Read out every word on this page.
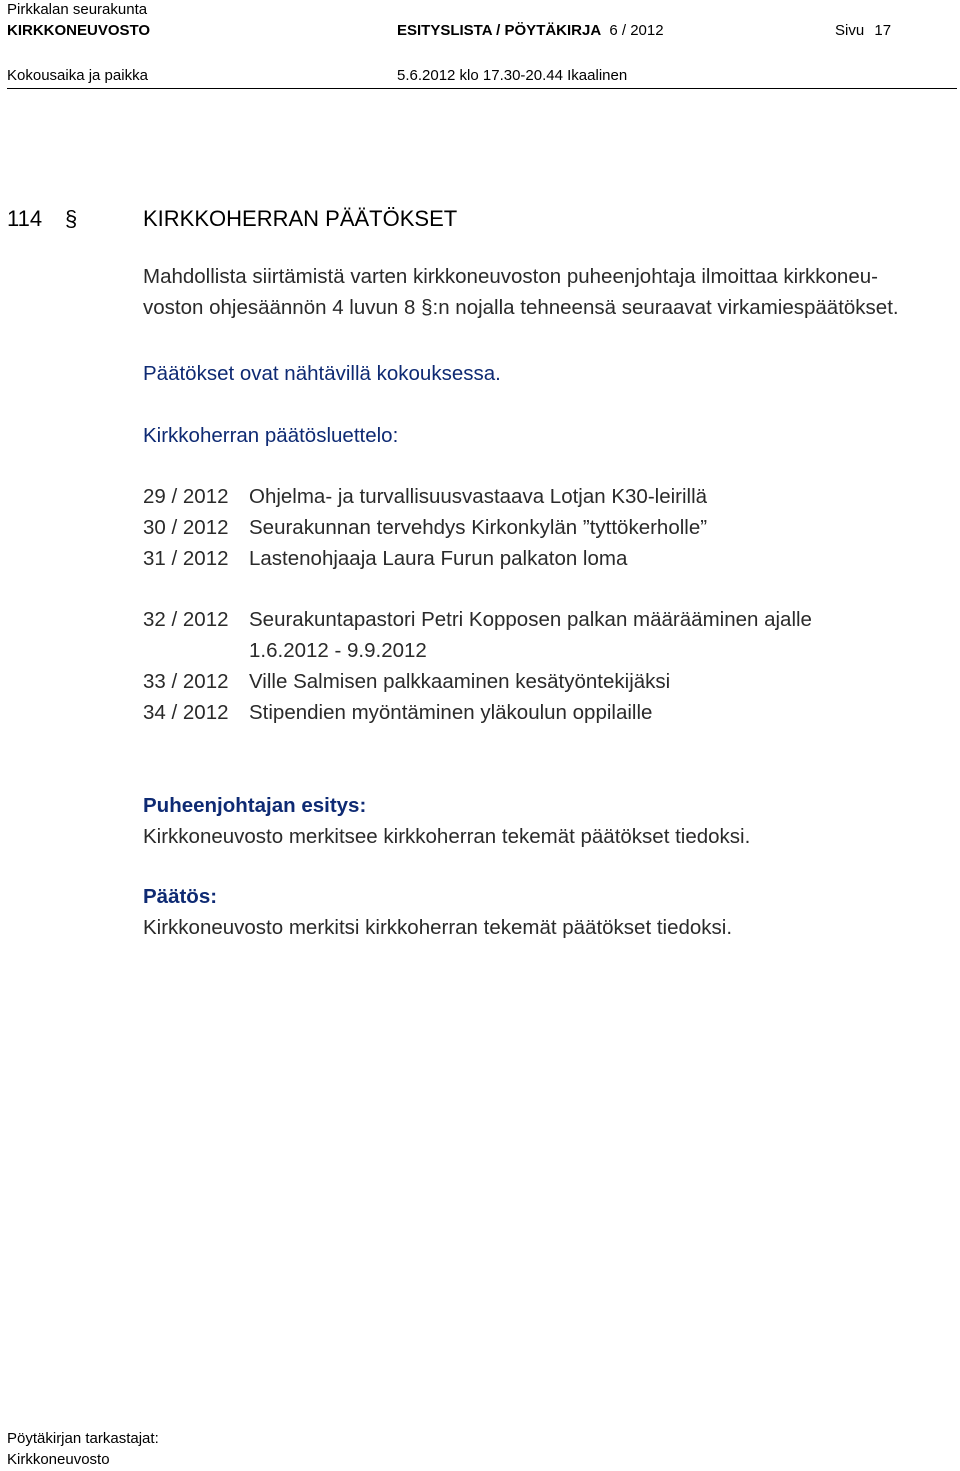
Pirkkalan seurakunta
KIRKKONEUVOSTO	ESITYSLISTA / PÖYTÄKIRJA 6 / 2012	Sivu 17
Kokousaika ja paikka	5.6.2012 klo 17.30-20.44 Ikaalinen
114 §	KIRKKOHERRAN PÄÄTÖKSET
Mahdollista siirtämistä varten kirkkoneuvoston puheenjohtaja ilmoittaa kirkkoneu-
voston ohjesäännön 4 luvun 8 §:n nojalla tehneensä seuraavat virkamiespäätökset.
Päätökset ovat nähtävillä kokouksessa.
Kirkkoherran päätösluettelo:
29 / 2012 Ohjelma- ja turvallisuusvastaava Lotjan K30-leirillä
30 / 2012 Seurakunnan tervehdys Kirkonkylän ”tyttökerholle”
31 / 2012 Lastenohjaaja Laura Furun palkaton loma
32 / 2012 Seurakuntapastori Petri Kopposen palkan määrääminen ajalle
1.6.2012 - 9.9.2012
33 / 2012 Ville Salmisen palkkaaminen kesätyöntekijäksi
34 / 2012 Stipendien myöntäminen yläkoulun oppilaille
Puheenjohtajan esitys:
Kirkkoneuvosto merkitsee kirkkoherran tekemät päätökset tiedoksi.
Päätös:
Kirkkoneuvosto merkitsi kirkkoherran tekemät päätökset tiedoksi.
Pöytäkirjan tarkastajat:
Kirkkoneuvosto
